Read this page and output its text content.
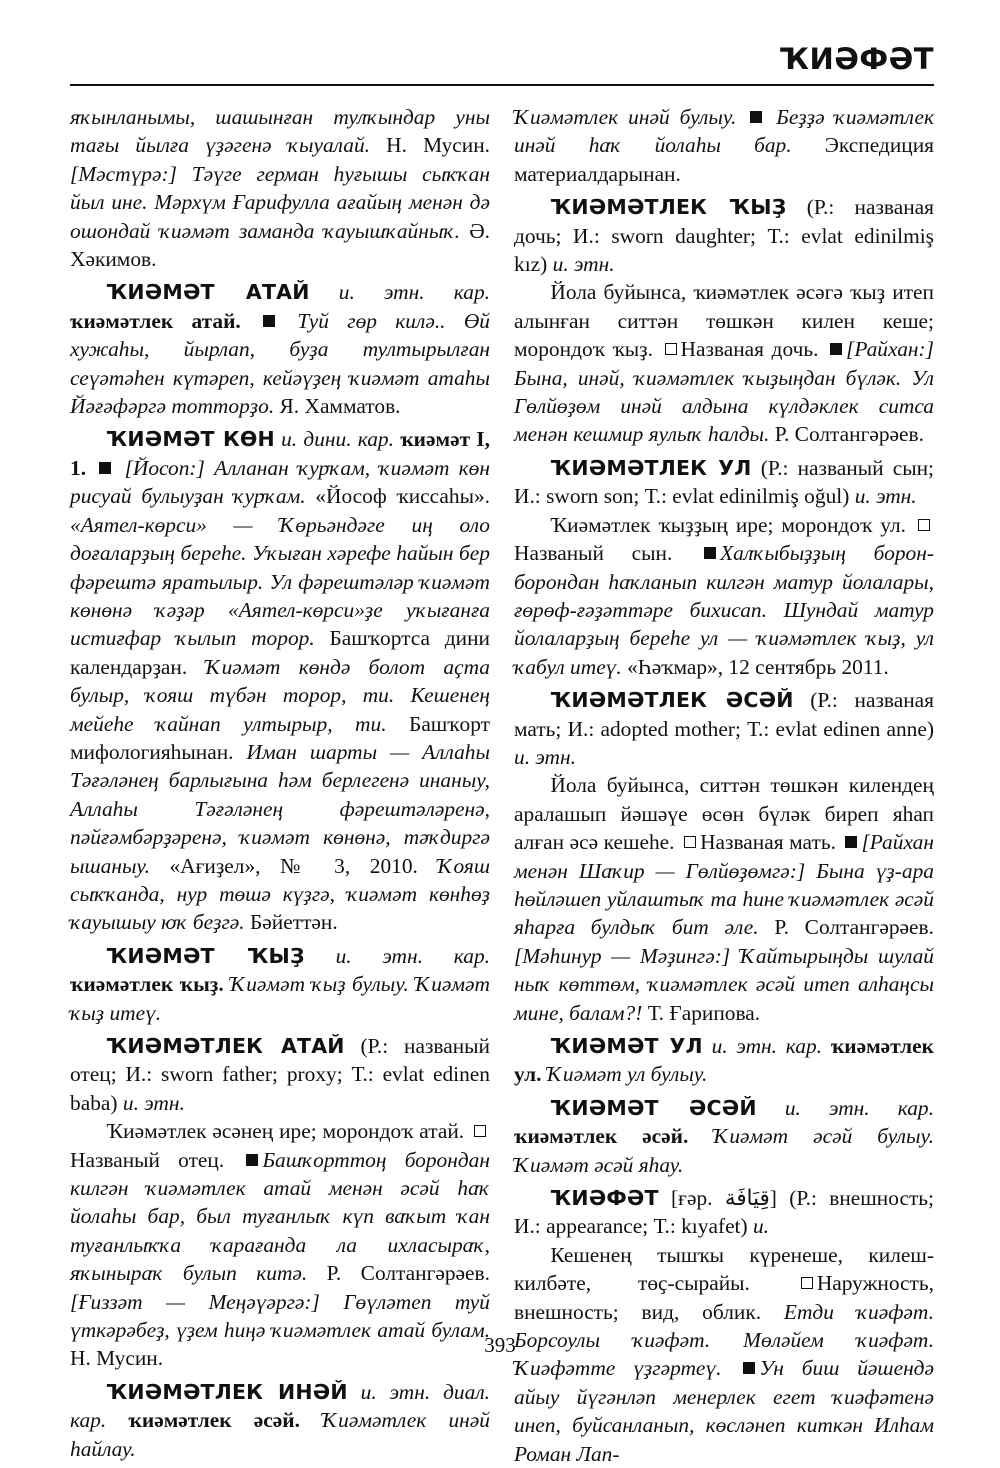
ҠИӘФӘТ

яҡынланымы, шашынған тулҡындар уны тағы йылға үҙәгенә ҡыуалай. Н. Мусин. [Мәстүрә:] Тәүге герман һуғышы сыҡҡан йыл ине. Мәрхүм Ғарифулла ағайың менән дә ошондай ҡиәмәт заманда ҡауышҡайныҡ. Ә. Хәкимов.

ҠИӘМӘТ АТАЙ и. этн. кар. ҡиәмәтлек атай.	Туй гөр килә.. Өй хужаһы, йырлап, буҙа тултырылған сеүәтәһен күтәреп, кейәүҙең ҡиәмәт атаһы Йәғәфәргә тотторҙо. Я. Хамматов.

ҠИӘМӘТ КӨН и. дини. кар. ҡиәмәт I, 1. [Йосоп:] Алланан ҡурҡам, ҡиәмәт көн рисуай булыуҙан ҡурҡам. «Йософ ҡиссаһы». «Аятел-көрси» — Ҡөрьәндәге иң оло доғаларҙың береһе. Уҡыған хәрефе һайын бер фәрештә яратылыр. Ул фәрештәләр ҡиәмәт көнөнә ҡәҙәр «Аятел-көрси»ҙе уҡығанға истиғфар ҡылып торор. Башҡортса дини календарҙан. Ҡиәмәт көндә болот аҫта булыр, ҡояш түбән торор, ти. Кешенең мейеһе ҡайнап ултырыр, ти. Башҡорт мифологияһынан. Иман шарты — Аллаһы Тәғәләнең барлығына һәм берлегенә инаныу, Аллаһы Тәғәләнең фәрештәләренә, пәйғәмбәрҙәренә, ҡиәмәт көнөнә, тәҡдиргә ышаныу. «Ағиҙел», № 3, 2010. Ҡояш сыҡҡанда, нур төшә күҙгә, ҡиәмәт көнһөҙ ҡауышыу юҡ беҙгә. Бәйеттән.

ҠИӘМӘТ ҠЫҘ и. этн. кар. ҡиәмәтлек ҡыҙ. Ҡиәмәт ҡыҙ булыу. Ҡиәмәт ҡыҙ итеү.

ҠИӘМӘТЛЕК АТАЙ (Р.: названый отец; И.: sworn father; proxy; Т.: evlat edinen baba) и. этн.

Ҡиәмәтлек әсәнең ире; морондоҡ атай. Названый отец. Башҡорттоң борондан килгән ҡиәмәтлек атай менән әсәй һаҡ йолаһы бар, был туғанлыҡ күп ваҡыт ҡан туғанлыҡҡа ҡарағанда ла ихласыраҡ, яҡыныраҡ булып китә. Р. Солтангәрәев. [Ғиззәт — Меңәүәргә:] Гөүләтеп туй үткәрәбеҙ, үҙем һиңә ҡиәмәтлек атай булам. Н. Мусин.

ҠИӘМӘТЛЕК ИНӘЙ и. этн. диал. кар. ҡиәмәтлек әсәй. Ҡиәмәтлек инәй һайлау.

Ҡиәмәтлек инәй булыу. Беҙҙә ҡиәмәтлек инәй һаҡ йолаһы бар. Экспедиция материалдарынан.

ҠИӘМӘТЛЕК ҠЫҘ (Р.: названая дочь; И.: sworn daughter; Т.: evlat edinilmiş kız) и. этн.

Йола буйынса, ҡиәмәтлек әсәгә ҡыҙ итеп алынған ситтән төшкән килен кеше; морондоҡ ҡыҙ. Названая дочь. [Райхан:] Бына, инәй, ҡиәмәтлек ҡыҙыңдан бүләк. Ул Гөлйөҙөм инәй алдына күлдәклек ситса менән кешмир яулыҡ һалды. Р. Солтангәрәев.

ҠИӘМӘТЛЕК УЛ (Р.: названый сын; И.: sworn son; Т.: evlat edinilmiş oğul) и. этн.

Ҡиәмәтлек ҡыҙҙың ире; морондоҡ ул. Названый сын. Халҡыбыҙҙың борон-борондан һаҡланып килгән матур йолалары, ғөрөф-ғәҙәттәре бихисап. Шундай матур йолаларҙың береһе ул — ҡиәмәтлек ҡыҙ, ул ҡабул итеү. «Һәҡмар», 12 сентябрь 2011.

ҠИӘМӘТЛЕК ӘСӘЙ (Р.: названая мать; И.: adopted mother; Т.: evlat edinen anne) и. этн.

Йола буйынса, ситтән төшкән килендең аралашып йәшәүе өсөн бүләк биреп яһап алған әсә кешеһе. Названая мать. [Райхан менән Шаҡир — Гөлйөҙөмгә:] Бына үҙ-ара һөйләшеп уйлаштыҡ та һине ҡиәмәтлек әсәй яһарға булдыҡ бит әле. Р. Солтангәрәев. [Мәһинур — Мәҙингә:] Ҡайтырыңды шулай ныҡ көттөм, ҡиәмәтлек әсәй итеп алһаңсы мине, балам?! Т. Ғарипова.

ҠИӘМӘТ УЛ и. этн. кар. ҡиәмәтлек ул. Ҡиәмәт ул булыу.

ҠИӘМӘТ ӘСӘЙ и. этн. кар. ҡиәмәтлек әсәй. Ҡиәмәт әсәй булыу. Ҡиәмәт әсәй яһау.

ҠИӘФӘТ [ғәр. قِيَافَة] (Р.: внешность; И.: appearance; Т.: kıyafet) и.

Кешенең тышҡы күренеше, килеш-килбәте, төҫ-сырайы.	Наружность, внешность; вид, облик. Етди ҡиәфәт. Борсоулы ҡиәфәт. Мөләйем ҡиәфәт. Ҡиәфәтте үҙгәртеү. Ун биш йәшендә айыу йүгәнләп менерлек егет ҡиәфәтенә инеп, буйсанланып, көсләнеп киткән Илһам Роман Лап-

393
